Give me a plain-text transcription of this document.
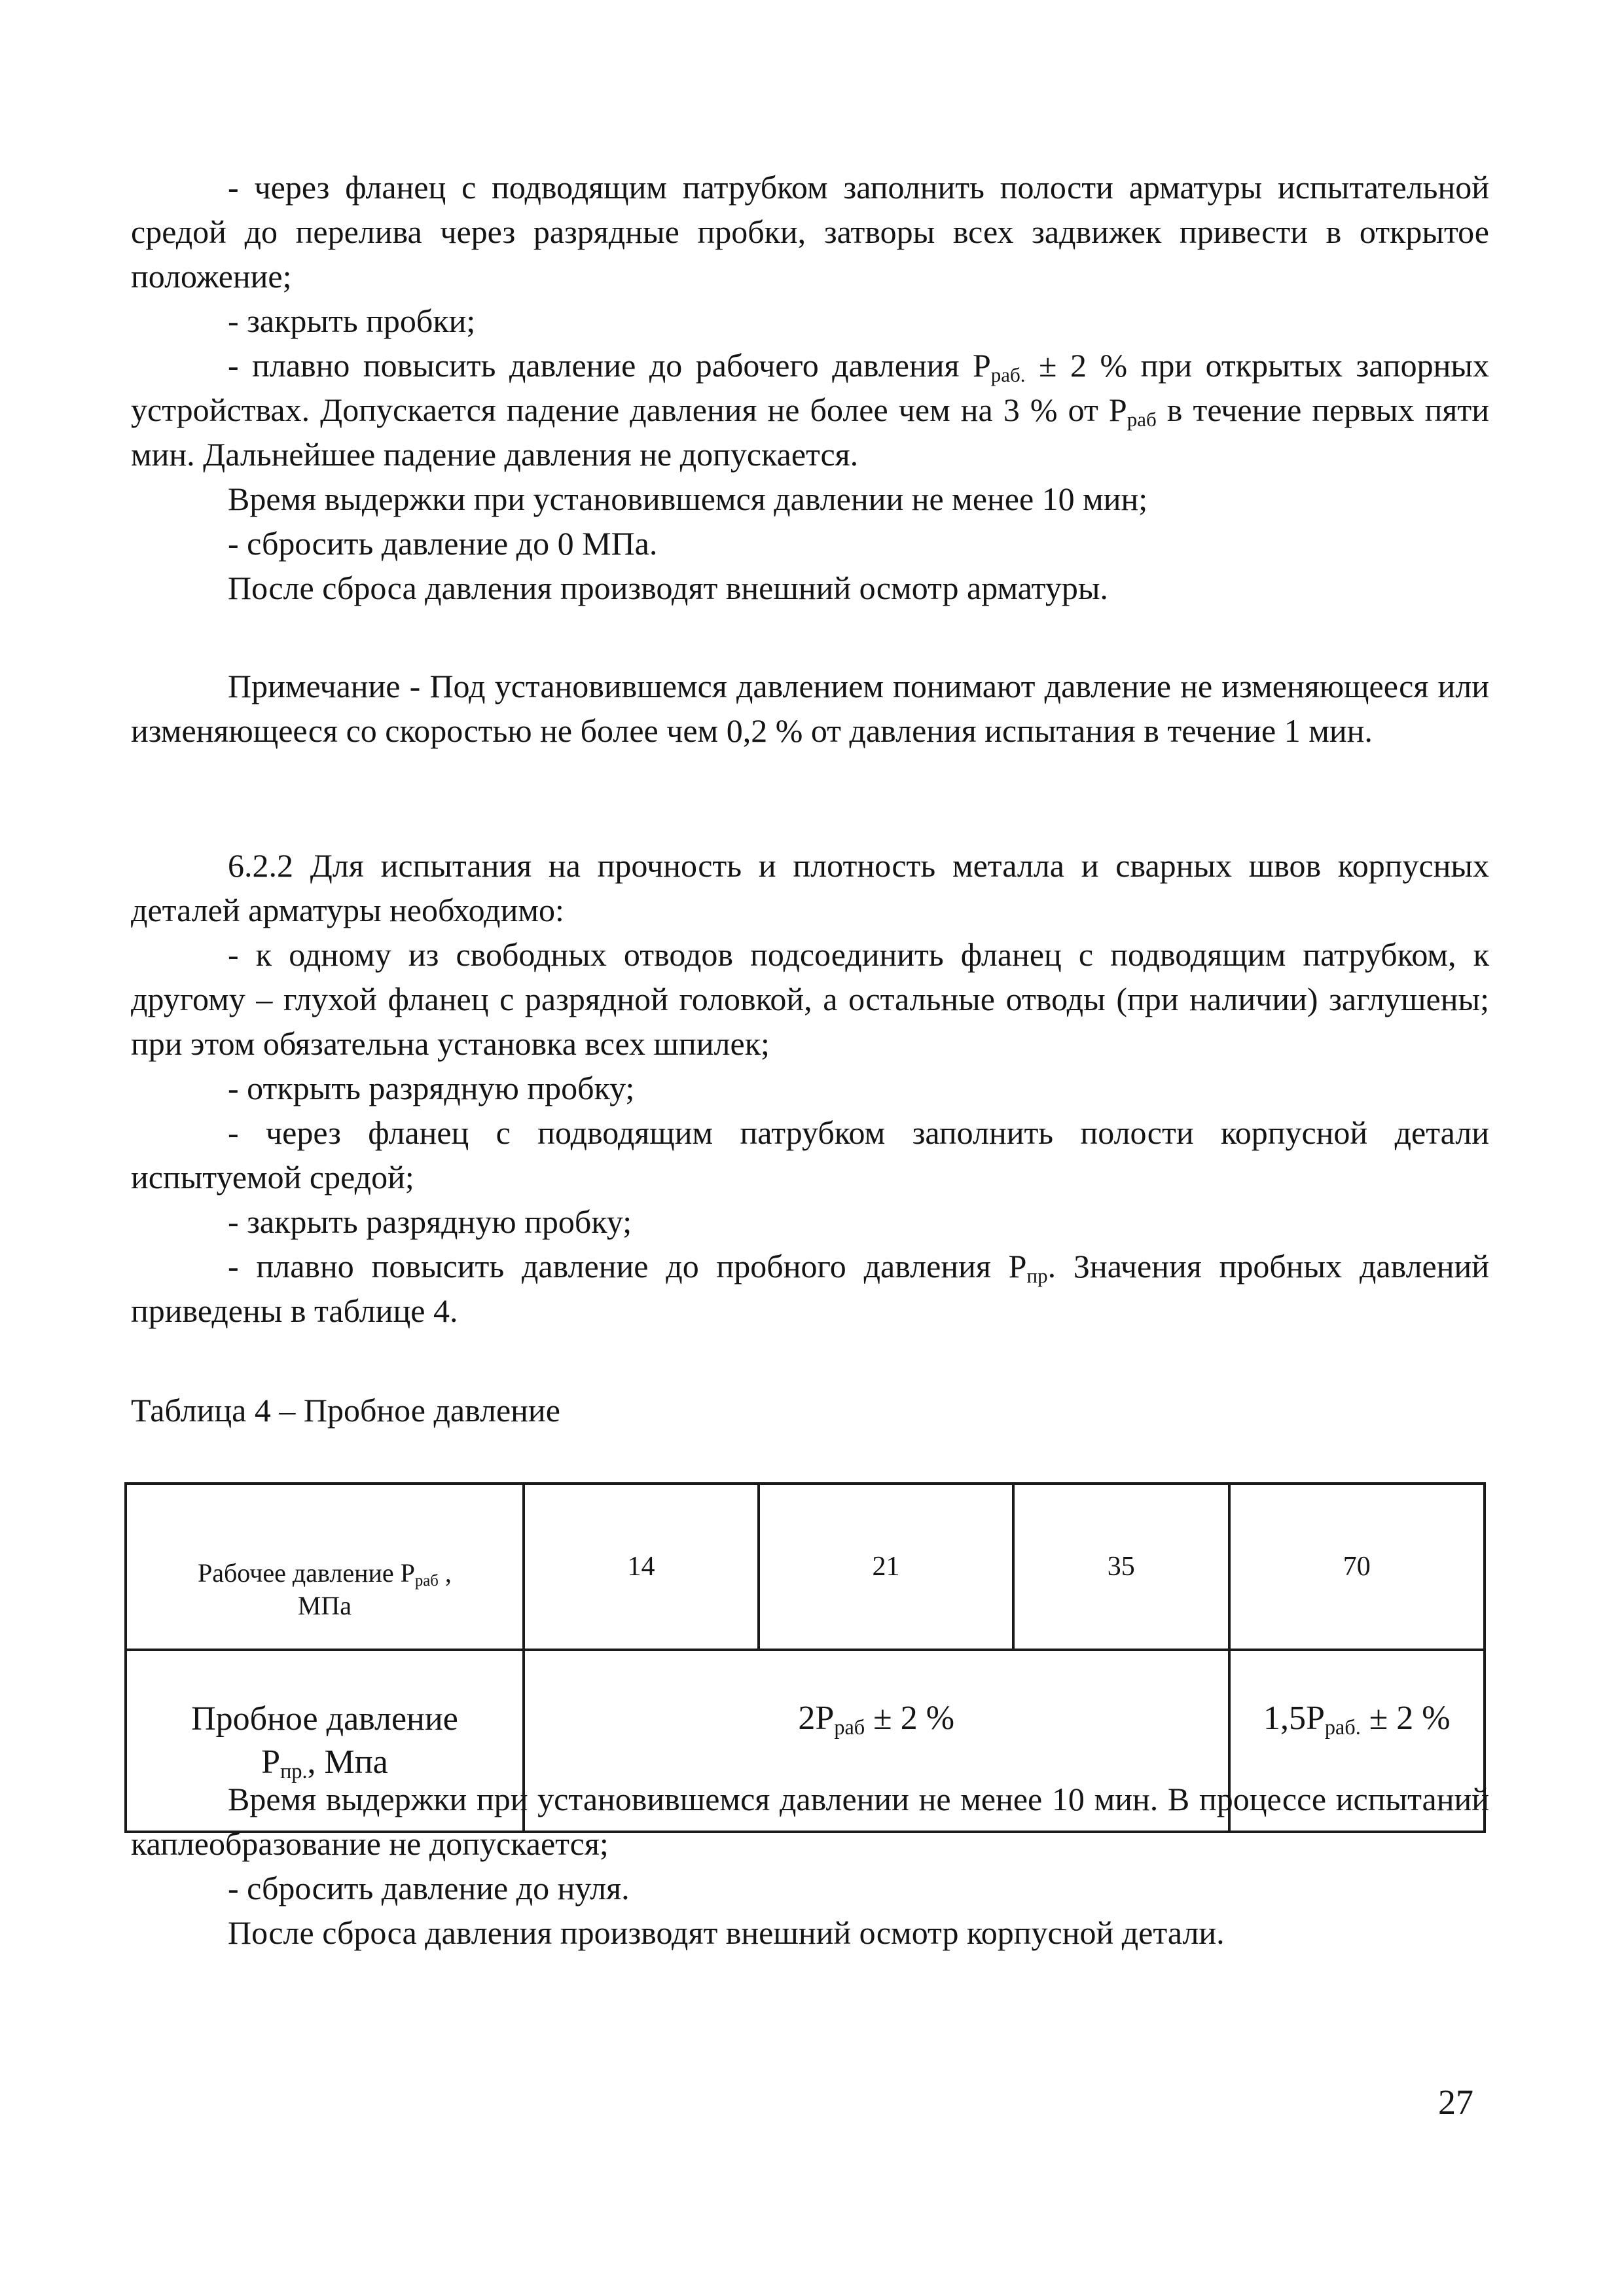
- через фланец с подводящим патрубком заполнить полости арматуры испытательной средой до перелива через разрядные пробки, затворы всех задвижек привести в открытое положение;

- закрыть пробки;

- плавно повысить давление до рабочего давления $P_{раб.} \pm 2$ % при открытых запорных устройствах. Допускается падение давления не более чем на 3 % от $P_{раб}$ в течение первых пяти мин. Дальнейшее падение давления не допускается.

Время выдержки при установившемся давлении не менее 10 мин;

- сбросить давление до 0 МПа.

После сброса давления производят внешний осмотр арматуры.

Примечание - Под установившемся давлением понимают давление не изменяющееся или изменяющееся со скоростью не более чем 0,2 % от давления испытания в течение 1 мин.

6.2.2 Для испытания на прочность и плотность металла и сварных швов корпусных деталей арматуры необходимо:

- к одному из свободных отводов подсоединить фланец с подводящим патрубком, к другому – глухой фланец с разрядной головкой, а остальные отводы (при наличии) заглушены; при этом обязательна установка всех шпилек;

- открыть разрядную пробку;

- через фланец с подводящим патрубком заполнить полости корпусной детали испытуемой средой;

- закрыть разрядную пробку;

- плавно повысить давление до пробного давления $P_{пр}$. Значения пробных давлений приведены в таблице 4.

Таблица 4 – Пробное давление
Рабочее давление $P_{раб}$ ,
МПа	14	21	35	70
Пробное давление
$P_{пр.}$, Мпа	$2P_{раб} \pm 2$ %			$1,5P_{раб.} \pm 2$ %

Время выдержки при установившемся давлении не менее 10 мин. В процессе испытаний каплеобразование не допускается;

- сбросить давление до нуля.

После сброса давления производят внешний осмотр корпусной детали.

27
